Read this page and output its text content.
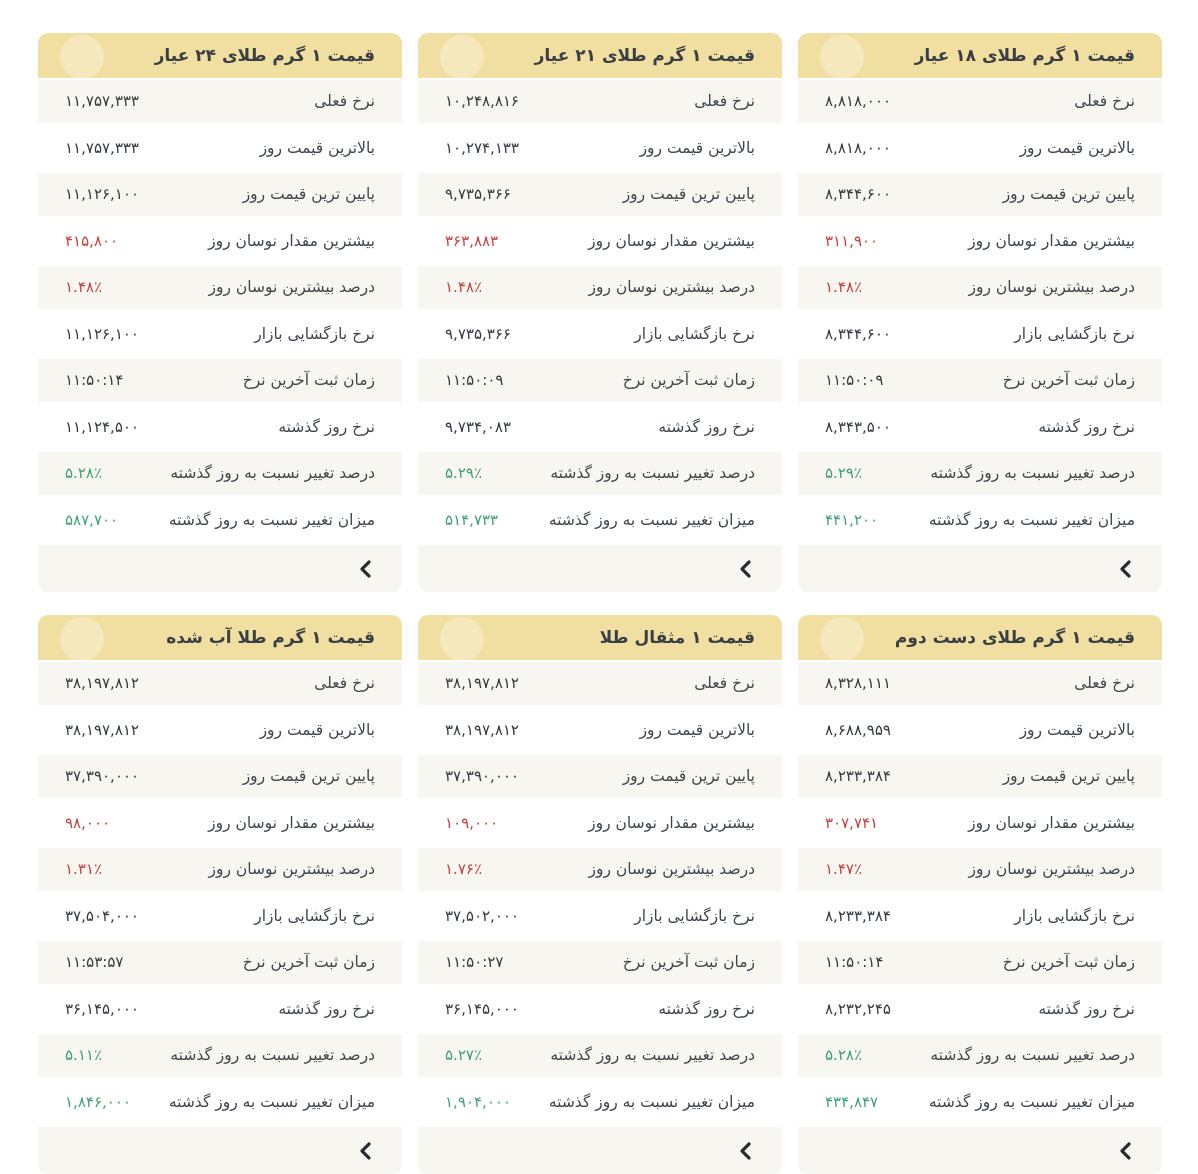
قیمت ۱ گرم طلای ۱۸ عیار
نرخ فعلی
۸,۸۱۸,۰۰۰
بالاترین قیمت روز
۸,۸۱۸,۰۰۰
پایین ترین قیمت روز
۸,۳۴۴,۶۰۰
بیشترین مقدار نوسان روز
۳۱۱,۹۰۰
درصد بیشترین نوسان روز
۱.۴۸٪
نرخ بازگشایی بازار
۸,۳۴۴,۶۰۰
زمان ثبت آخرین نرخ
۱۱:۵۰:۰۹
نرخ روز گذشته
۸,۳۴۳,۵۰۰
درصد تغییر نسبت به روز گذشته
۵.۲۹٪
میزان تغییر نسبت به روز گذشته
۴۴۱,۲۰۰
قیمت ۱ گرم طلای ۲۱ عیار
نرخ فعلی
۱۰,۲۴۸,۸۱۶
بالاترین قیمت روز
۱۰,۲۷۴,۱۳۳
پایین ترین قیمت روز
۹,۷۳۵,۳۶۶
بیشترین مقدار نوسان روز
۳۶۳,۸۸۳
درصد بیشترین نوسان روز
۱.۴۸٪
نرخ بازگشایی بازار
۹,۷۳۵,۳۶۶
زمان ثبت آخرین نرخ
۱۱:۵۰:۰۹
نرخ روز گذشته
۹,۷۳۴,۰۸۳
درصد تغییر نسبت به روز گذشته
۵.۲۹٪
میزان تغییر نسبت به روز گذشته
۵۱۴,۷۳۳
قیمت ۱ گرم طلای ۲۴ عیار
نرخ فعلی
۱۱,۷۵۷,۳۳۳
بالاترین قیمت روز
۱۱,۷۵۷,۳۳۳
پایین ترین قیمت روز
۱۱,۱۲۶,۱۰۰
بیشترین مقدار نوسان روز
۴۱۵,۸۰۰
درصد بیشترین نوسان روز
۱.۴۸٪
نرخ بازگشایی بازار
۱۱,۱۲۶,۱۰۰
زمان ثبت آخرین نرخ
۱۱:۵۰:۱۴
نرخ روز گذشته
۱۱,۱۲۴,۵۰۰
درصد تغییر نسبت به روز گذشته
۵.۲۸٪
میزان تغییر نسبت به روز گذشته
۵۸۷,۷۰۰
قیمت ۱ گرم طلای دست دوم
نرخ فعلی
۸,۳۲۸,۱۱۱
بالاترین قیمت روز
۸,۶۸۸,۹۵۹
پایین ترین قیمت روز
۸,۲۳۳,۳۸۴
بیشترین مقدار نوسان روز
۳۰۷,۷۴۱
درصد بیشترین نوسان روز
۱.۴۷٪
نرخ بازگشایی بازار
۸,۲۳۳,۳۸۴
زمان ثبت آخرین نرخ
۱۱:۵۰:۱۴
نرخ روز گذشته
۸,۲۳۲,۲۴۵
درصد تغییر نسبت به روز گذشته
۵.۲۸٪
میزان تغییر نسبت به روز گذشته
۴۳۴,۸۴۷
قیمت ۱ مثقال طلا
نرخ فعلی
۳۸,۱۹۷,۸۱۲
بالاترین قیمت روز
۳۸,۱۹۷,۸۱۲
پایین ترین قیمت روز
۳۷,۳۹۰,۰۰۰
بیشترین مقدار نوسان روز
۱۰۹,۰۰۰
درصد بیشترین نوسان روز
۱.۷۶٪
نرخ بازگشایی بازار
۳۷,۵۰۲,۰۰۰
زمان ثبت آخرین نرخ
۱۱:۵۰:۲۷
نرخ روز گذشته
۳۶,۱۴۵,۰۰۰
درصد تغییر نسبت به روز گذشته
۵.۲۷٪
میزان تغییر نسبت به روز گذشته
۱,۹۰۴,۰۰۰
قیمت ۱ گرم طلا آب شده
نرخ فعلی
۳۸,۱۹۷,۸۱۲
بالاترین قیمت روز
۳۸,۱۹۷,۸۱۲
پایین ترین قیمت روز
۳۷,۳۹۰,۰۰۰
بیشترین مقدار نوسان روز
۹۸,۰۰۰
درصد بیشترین نوسان روز
۱.۳۱٪
نرخ بازگشایی بازار
۳۷,۵۰۴,۰۰۰
زمان ثبت آخرین نرخ
۱۱:۵۳:۵۷
نرخ روز گذشته
۳۶,۱۴۵,۰۰۰
درصد تغییر نسبت به روز گذشته
۵.۱۱٪
میزان تغییر نسبت به روز گذشته
۱,۸۴۶,۰۰۰
